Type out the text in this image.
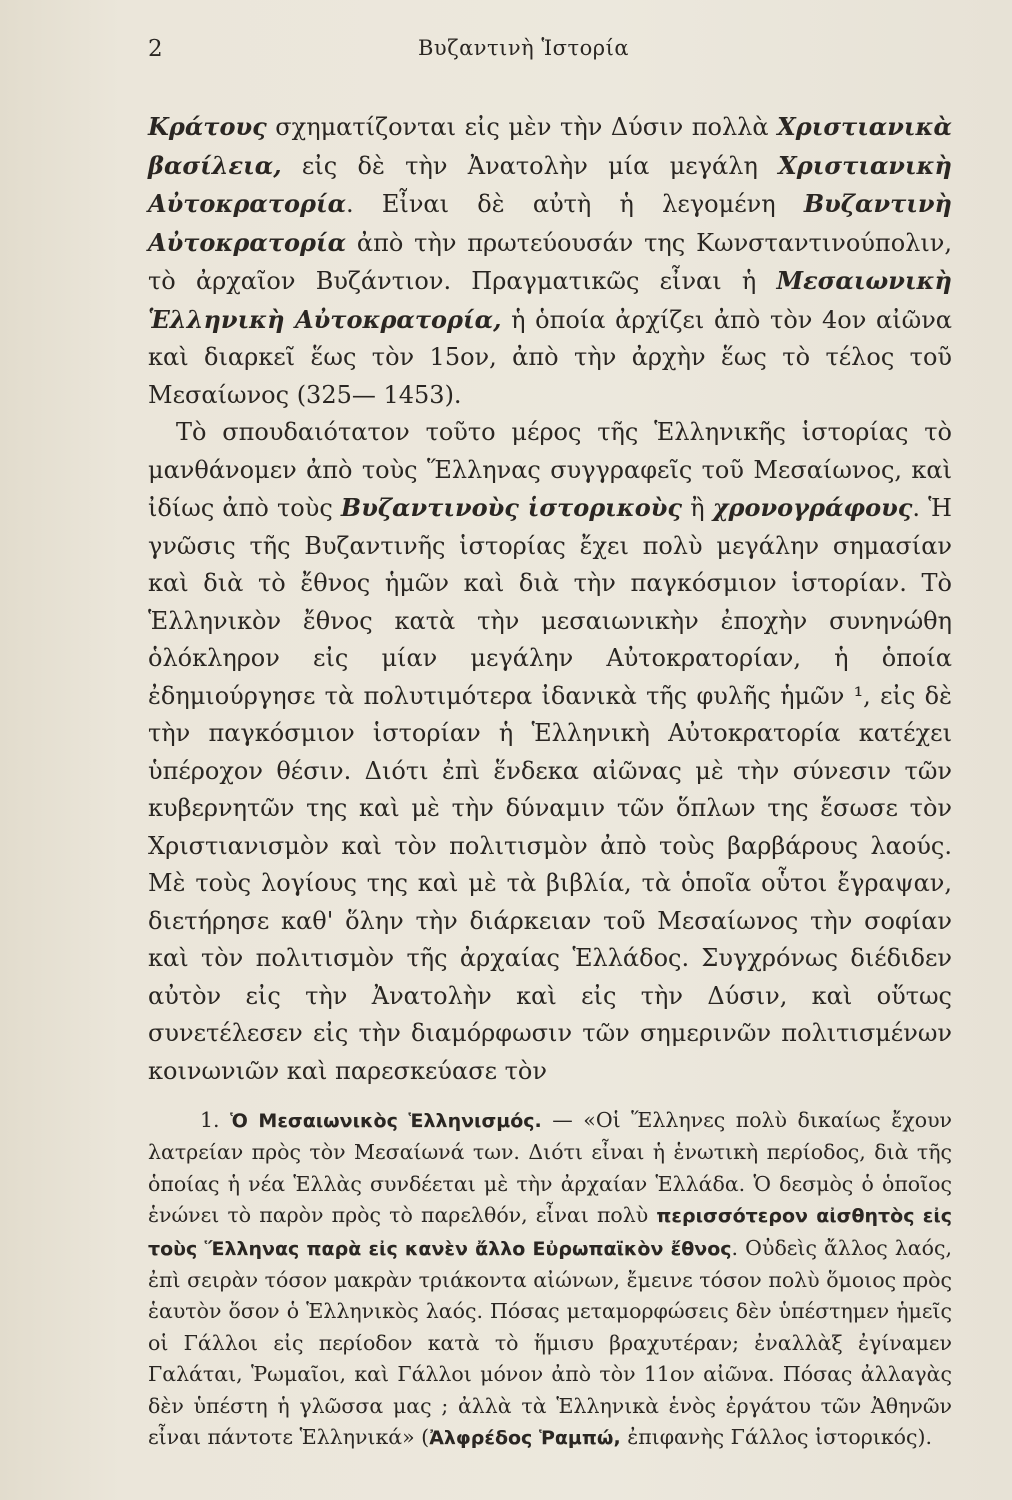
2	Βυζαντινὴ Ἱστορία

Κράτους σχηματίζονται εἰς μὲν τὴν Δύσιν πολλὰ Χριστιανικὰ βασίλεια, εἰς δὲ τὴν Ἀνατολὴν μία μεγάλη Χριστιανικὴ Αὐτοκρατορία. Εἶναι δὲ αὐτὴ ἡ λεγομένη Βυζαντινὴ Αὐτοκρατορία ἀπὸ τὴν πρωτεύουσάν της Κωνσταντινούπολιν, τὸ ἀρχαῖον Βυζάντιον. Πραγματικῶς εἶναι ἡ Μεσαιωνικὴ Ἑλληνικὴ Αὐτοκρατορία, ἡ ὁποία ἀρχίζει ἀπὸ τὸν 4ον αἰῶνα καὶ διαρκεῖ ἕως τὸν 15ον, ἀπὸ τὴν ἀρχὴν ἕως τὸ τέλος τοῦ Μεσαίωνος (325— 1453).

Τὸ σπουδαιότατον τοῦτο μέρος τῆς Ἑλληνικῆς ἱστορίας τὸ μανθάνομεν ἀπὸ τοὺς Ἕλληνας συγγραφεῖς τοῦ Μεσαίωνος, καὶ ἰδίως ἀπὸ τοὺς Βυζαντινοὺς ἱστορικοὺς ἢ χρονογράφους. Ἡ γνῶσις τῆς Βυζαντινῆς ἱστορίας ἔχει πολὺ μεγάλην σημασίαν καὶ διὰ τὸ ἔθνος ἡμῶν καὶ διὰ τὴν παγκόσμιον ἱστορίαν. Τὸ Ἑλληνικὸν ἔθνος κατὰ τὴν μεσαιωνικὴν ἐποχὴν συνηνώθη ὁλόκληρον εἰς μίαν μεγάλην Αὐτοκρατορίαν, ἡ ὁποία ἐδημιούργησε τὰ πολυτιμότερα ἰδανικὰ τῆς φυλῆς ἡμῶν ¹, εἰς δὲ τὴν παγκόσμιον ἱστορίαν ἡ Ἑλληνικὴ Αὐτοκρατορία κατέχει ὑπέροχον θέσιν. Διότι ἐπὶ ἕνδεκα αἰῶνας μὲ τὴν σύνεσιν τῶν κυβερνητῶν της καὶ μὲ τὴν δύναμιν τῶν ὅπλων της ἔσωσε τὸν Χριστιανισμὸν καὶ τὸν πολιτισμὸν ἀπὸ τοὺς βαρβάρους λαούς. Μὲ τοὺς λογίους της καὶ μὲ τὰ βιβλία, τὰ ὁποῖα οὗτοι ἔγραψαν, διετήρησε καθ' ὅλην τὴν διάρκειαν τοῦ Μεσαίωνος τὴν σοφίαν καὶ τὸν πολιτισμὸν τῆς ἀρχαίας Ἑλλάδος. Συγχρόνως διέδιδεν αὐτὸν εἰς τὴν Ἀνατολὴν καὶ εἰς τὴν Δύσιν, καὶ οὕτως συνετέλεσεν εἰς τὴν διαμόρφωσιν τῶν σημερινῶν πολιτισμένων κοινωνιῶν καὶ παρεσκεύασε τὸν

1. Ὁ Μεσαιωνικὸς Ἑλληνισμός. — «Οἱ Ἕλληνες πολὺ δικαίως ἔχουν λατρείαν πρὸς τὸν Μεσαίωνά των. Διότι εἶναι ἡ ἑνωτικὴ περίοδος, διὰ τῆς ὁποίας ἡ νέα Ἑλλὰς συνδέεται μὲ τὴν ἀρχαίαν Ἑλλάδα. Ὁ δεσμὸς ὁ ὁποῖος ἑνώνει τὸ παρὸν πρὸς τὸ παρελθόν, εἶναι πολὺ περισσότερον αἰσθητὸς εἰς τοὺς Ἕλληνας παρὰ εἰς κανὲν ἄλλο Εὐρωπαϊκὸν ἔθνος. Οὐδεὶς ἄλλος λαός, ἐπὶ σειρὰν τόσον μακρὰν τριάκοντα αἰώνων, ἔμεινε τόσον πολὺ ὅμοιος πρὸς ἑαυτὸν ὅσον ὁ Ἑλληνικὸς λαός. Πόσας μεταμορφώσεις δὲν ὑπέστημεν ἡμεῖς οἱ Γάλλοι εἰς περίοδον κατὰ τὸ ἥμισυ βραχυτέραν; ἐναλλὰξ ἐγίναμεν Γαλάται, Ῥωμαῖοι, καὶ Γάλλοι μόνον ἀπὸ τὸν 11ον αἰῶνα. Πόσας ἀλλαγὰς δὲν ὑπέστη ἡ γλῶσσα μας ; ἀλλὰ τὰ Ἑλληνικὰ ἑνὸς ἐργάτου τῶν Ἀθηνῶν εἶναι πάντοτε Ἑλληνικά» (Ἀλφρέδος Ῥαμπώ, ἐπιφανὴς Γάλλος ἱστορικός).
